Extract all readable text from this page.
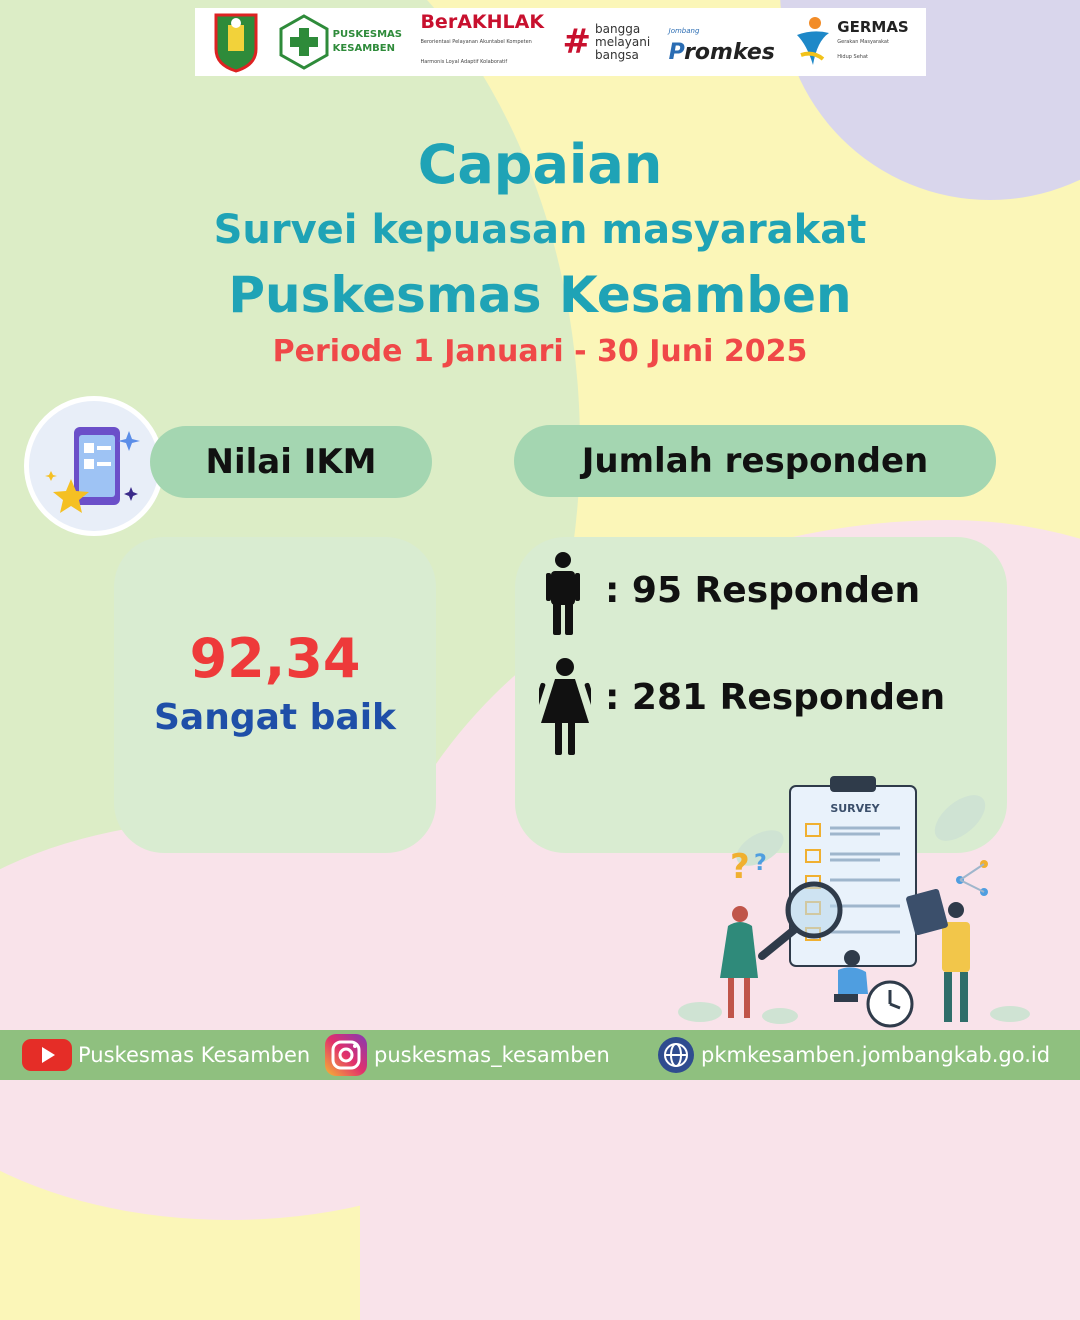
PUSKESMAS
KESAMBEN
BerAKHLAK
Berorientasi Pelayanan Akuntabel Kompeten
Harmonis Loyal Adaptif Kolaboratif	# bangga
melayani
bangsa
Jombang
Promkes
GERMAS
Gerakan Masyarakat
Hidup Sehat

Capaian

Survei kepuasan masyarakat

Puskesmas Kesamben

Periode 1 Januari - 30 Juni 2025

Nilai IKM	Jumlah responden
92,34
Sangat baik
: 95 Responden
: 281 Responden
? ?
SURVEY
Puskesmas Kesamben	puskesmas_kesamben	pkmkesamben.jombangkab.go.id
